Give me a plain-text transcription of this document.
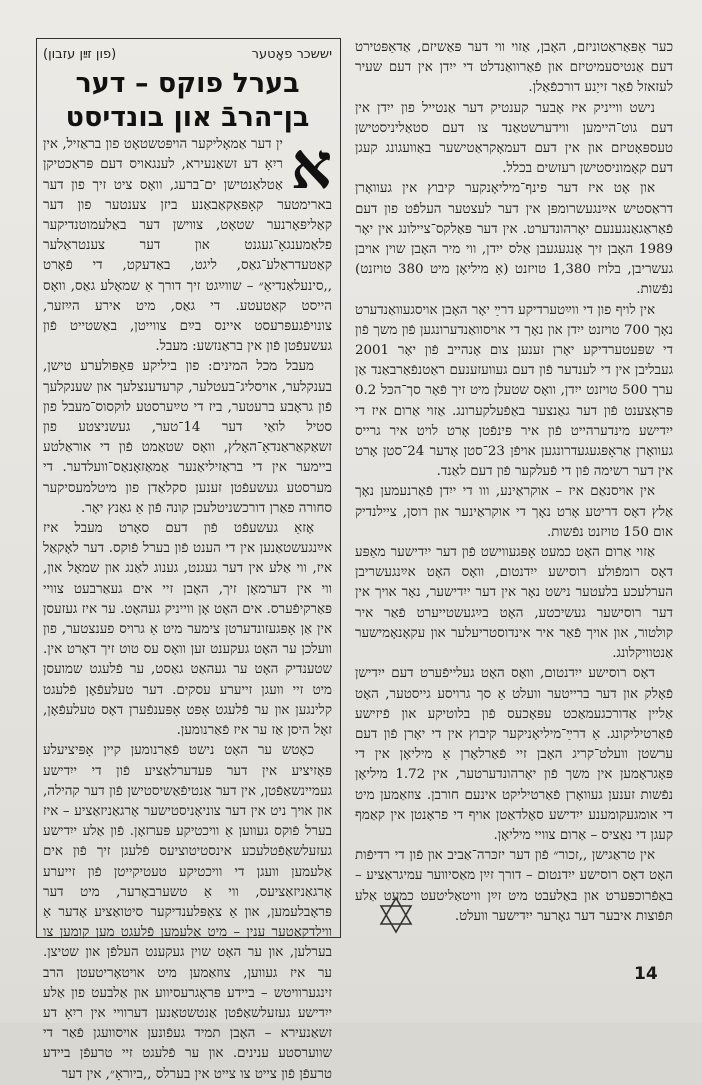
יששכר פאָטער
(פון זײַן עזבון)
בערל פוקס – דער בן־הרבֿ און בונדיסט
א

ין דער אַמאָליקער הויפּטשטאָט פון בראַזיל, אין ריִאָ דע זשאַנעירא, לענגאויס דעם פּראַכטיקן אַטלאַנטישן ים־ברעג, וואָס ציט זיך פון דער בארימטער קאָפּאַקאַבאַנע ביזן צענטער פון דער קאַליפּאָרנער שטאָט, צווישן דער באַלעמוטנדיקער פלאַמענגאָ־געגנט און דער צענטראַלער קאַטעדראַלע־גאַס, ליגט, באַדעקט, די פֿאָרט ,,סינעלאַנדיאַ״ – שווײַגט זיך דורך אַ שמאָלע גאַס, וואָס הייסט קאַטעטע. די גאַס, מיט אירע הײַזער, צונויפֿגעפּרעסט איינס בײַם צווייטן, באַשטייט פֿון געשעפֿטן פֿון אין בראַנזשע: מעבל.

מעבל מכל המינים: פון ביליקע פּאַפּולערע טישן, בענקלער, אויסליג־בעטלער, קרעדענצלעך און שענקלעך פֿון גראָבע ברעטער, ביז די טײַערסטע לוקסוס־מעבל פון סטיל לואַי דער 14־טער, געשניצטע פון זשאַקאַראַנדאַ־האָלץ, וואָס שטאַמט פֿון די אוראַלטע ביימער אין די בראַזיליאַנער אַמאַזאָנאַס־וועלדער. די מערסטע געשעפֿטן זענען סקלאַדן פון מיטלמעסיקער סחורה פאַרן דורכשניטלעכן קונה פֿון אַ גאַנץ יאָר.

אָזאַ געשעפֿט פֿון דעם סאָרט מעבל איז אײַנגעשטאַנען אין די הענט פֿון בערל פֿוקס. דער לאָקאַל איז, ווי אַלע אין דער געגנט, גענוג לאַנג און שמאָל און, ווי אין דערמאָן זיך, האָבן זיי אים געאַרבעט צוויי פּאַרקיפֿערס. אים האָט אָן ווייניק געהאָט. ער איז געזעסן אין אַן אָפּגעזונדערטן צימער מיט אַ גרויס פענצטער, פון וועלכן ער האָט געקענט זען וואָס עס טוט זיך דאָרט אין. שטענדיק האָט ער געהאַט גאַסט, ער פֿלעגט שמועסן מיט זיי וועגן זייערע עסקים. דער טעלעפֿאָן פֿלעגט קלינגען און ער פֿלעגט אָפּט אָפּענפֿערן דאָס טעלעפֿאָן, זאָל היסן אַז ער איז פֿאַרנומען.

כאָטש ער האָט נישט פֿאַרנומען קיין אָפּיציעלע פּאָזיציע אין דער פּעדערלאַציע פֿון די ייִדישע געמיינשאַפֿטן, אין דער אַנטיפֿאַשיסטישן פֿון דער קהילה, און אויך ניט אין דער צוניאָניסטישער אָרגאַניזאַציע – איז בערל פֿוקס געווען אַ וויכטיקע פּערזאָן. פֿון אַלע ייִדישע געזעלשאַפֿטלעכע אינסטיטוציעס פֿלעגן זיך פֿון אים אַלעמען וועגן די וויכטיקע טעטיקייטן פֿון זייערע אָרגאַניזאַציעס, ווי אַ טשערבאָרער, מיט דער פּראָבלעמען, און אַ צאַפּלענדיקער סיטואַציע אָדער אַ ווילדקאַטער ענין – מיט אַלעמען פֿלעגט מען קומען צו בערלען, און ער האָט שוין געקענט העלפֿן און שטיצן. ער איז געווען, צוזאַמען מיט אויטאָריטעטן הרב זינגערוויטש – ביידע פּראָגרעסיווע און אַלבעט פון אַלע ייִדישע געזעלשאַפֿטן אַנטשטאַנען דערוויי אין ריִאָ דע זשאַנעירא – האָבן תמיד געפֿונען אויסוועגן פֿאַר די שווערסטע ענינים. און ער פֿלעגט זיי טרעפֿן ביידע טרעפֿן פֿון צייט צו צייט אין בערלס ,,ביוראָ״, אין דער

כער אַפּאַראַטוניזם, האָבן, אַזוי ווי דער פּאַשיזם, אַדאַפּטירט דעם אַנטיסעמיטיזם און פֿאַרוואַנדלט די ייִדן אין דעם שעיר לעזאזל פֿאַר זייַנע דורכפֿאַלן.

נישט ווייניק איז אָבער קענטיק דער אַנטייל פון ייִדן אין דעם גוט־היימען ווידערשטאַנד צו דעם סטאַליניסטישן טעספּאָטיזם און אין דעם דעמאָקראַטישער באַוועגונג קעגן דעם קאָמוניסטישן רעזשים בכלל.

און אָט איז דער פינף־מיליאָנקער קיבוץ אין געוואָרן דראַסטיש אײַנגעשרומפּן אין דער לעצטער העלפֿט פון דעם פֿאַראַגאַנגענעם יאָרהונדערט. אין דער פּאַלקס־ציילונג אין יאָר 1989 האָבן זיך אָנגעגעבן אַלס ייִדן, ווי מיר האָבן שוין אויבן געשריבן, בלויז 1,380 טויזנט (אַ מיליאָן מיט 380 טויזנט) נפֿשות.

אין לויף פון די ווײַטערדיקע דרײַ יאָר האָבן אויסגעוואַנדערט נאָך 700 טויזנט ייִדן און נאָך די אויסוואַנדערונגען פֿון משך פֿון די שפּעטערדיקע יאָרן זענען צום אָנהייב פֿון יאָר 2001 געבליבן אין די לענדער פֿון דעם געוועזענעם ראַטנפֿאַרבאַנד אַן ערך 500 טויזנט ייִדן, וואָס שטעלן מיט זיך פֿאָר סך־הכּל 0.2 פּראָצענט פֿון דער גאַנצער באַפֿעלקערונג. אַזוי אַרום איז די ייִדישע מינדערהייט פֿון איר פּינפֿטן אָרט לויט איר גרייס געוואָרן אַראָפּגעגעדרונגען אויפֿן 23־סטן אָדער 24־סטן אָרט אין דער רשימה פֿון די פֿעלקער פֿון דעם לאַנד.

אין אויסנאַם איז – אוקראַינע, ווו די ייִדן פֿאַרנעמען נאָך אַלץ דאָס דריטע אָרט נאָך די אוקראַינער און רוסן, ציילנדיק אום 150 טויזנט נפֿשות.

אַזוי אַרום האָט כמעט אָפּגעווישט פֿון דער ייִדישער מאַפּע דאָס רומפֿולע רוסישע ייִדנטום, וואָס האָט אײַנגעשריבן הערלעכע בלעטער נישט נאָר אין דער ייִדישער, נאָר אויך אין דער רוסישער געשיכטע, האָט בײַגעשטייערט פֿאַר איר קולטור, און אויך פֿאַר איר אינדוסטריעלער און עקאָנאָמישער אַנטוויקלונג.

דאָס רוסישע ייִדנטום, וואָס האָט געלייפֿערט דעם ייִדישן פֿאָלק און דער ברייטער וועלט אַ סך גרויסע גייסטער, האָט אַליין אַדורכגעמאַכט עפּאָכעס פֿון בלוטיקע און פֿיזישע פֿאַרטיליקונג. אַ דרײַ־מיליאָניקער קיבוץ אין די יאָרן פֿון דעם ערשטן וועלט־קריג האָבן זיי פֿאַרלאָרן אַ מיליאָן אין די פּאָגראָמען אין משך פֿון יאָרהונדערטער, אין 1.72 מיליאָן נפֿשות זענען געוואָרן פֿאַרטיליקט אינעם חורבן. צוזאַמען מיט די אומגעקומענע ייִדישע סאָלדאַטן אויף די פראָנטן אין קאַמף קעגן די נאַציס – אַרום צוויי מיליאָן.

אין טראַגישן ,,זכור״ פֿון דער יזכּרה־אַביב און פֿון די רדיפֿות האָט דאָס רוסישע ייִדנטום – דורך זײַן מאַסיווער עמיגראַציע – באַפֿרוכפּערט און באַלעבט מיט זײַן וויטאַליטעט כמעט אַלע תּפֿוצות איבער דער גאָרער ייִדישער וועלט.

14
